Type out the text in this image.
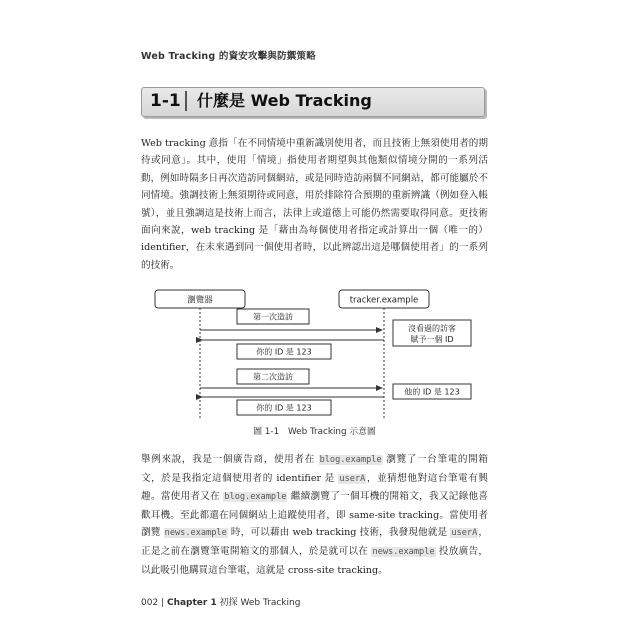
Web Tracking 的資安攻擊與防禦策略
1-1 什麼是 Web Tracking

Web tracking 意指「在不同情境中重新識別使用者，而且技術上無須使用者的期待或同意」。其中，使用「情境」指使用者期望與其他類似情境分開的一系列活動，例如時隔多日再次造訪同個網站，或是同時造訪兩個不同網站，都可能屬於不同情境。強調技術上無須期待或同意，用於排除符合預期的重新辨識（例如登入帳號），並且強調這是技術上而言，法律上或道德上可能仍然需要取得同意。更技術面向來說，web tracking 是「藉由為每個使用者指定或計算出一個（唯一的）identifier，在未來遇到同一個使用者時，以此辨認出這是哪個使用者」的一系列的技術。

瀏覽器	tracker.example
第一次造訪
沒看過的訪客
賦予一個 ID
你的 ID 是 123
第二次造訪
他的 ID 是 123
你的 ID 是 123
圖 1-1　Web Tracking 示意圖

舉例來說，我是一個廣告商，使用者在 blog.example 瀏覽了一台筆電的開箱文，於是我指定這個使用者的 identifier 是 userA，並猜想他對這台筆電有興趣。當使用者又在 blog.example 繼續瀏覽了一個耳機的開箱文，我又記錄他喜歡耳機。至此都還在同個網站上追蹤使用者，即 same-site tracking。當使用者瀏覽 news.example 時，可以藉由 web tracking 技術，我發現他就是 userA，正是之前在瀏覽筆電開箱文的那個人，於是就可以在 news.example 投放廣告，以此吸引他購買這台筆電，這就是 cross-site tracking。

002 | Chapter 1 初探 Web Tracking
